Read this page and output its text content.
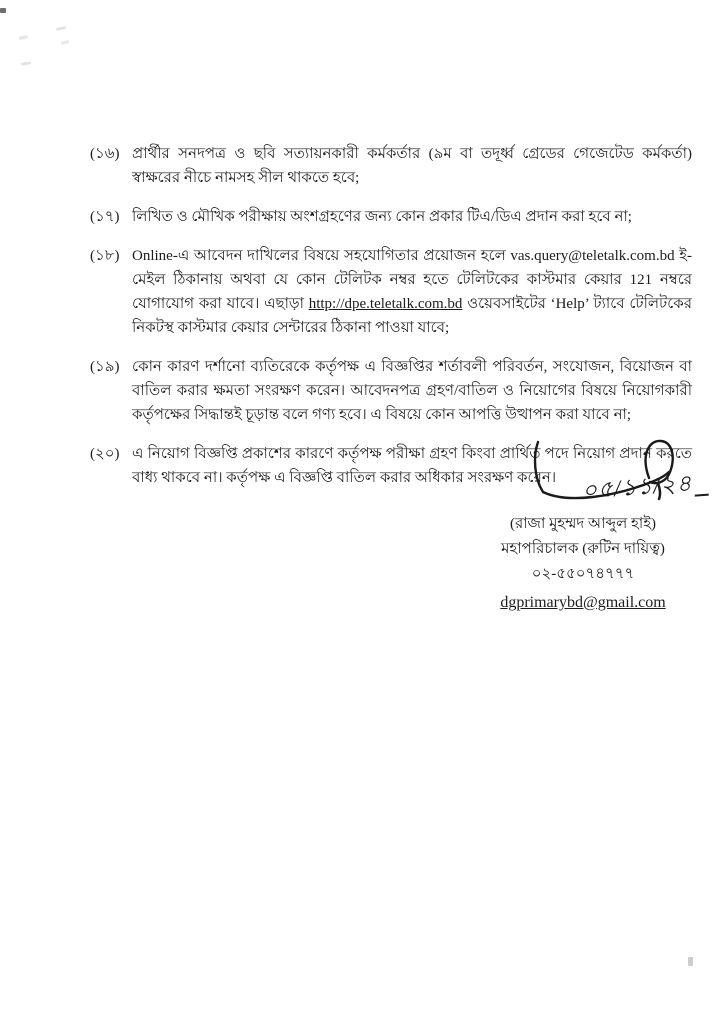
(১৬) প্রার্থীর সনদপত্র ও ছবি সত্যায়নকারী কর্মকর্তার (৯ম বা তদূর্ধ্ব গ্রেডের গেজেটেড কর্মকর্তা) স্বাক্ষরের নীচে নামসহ সীল থাকতে হবে;

(১৭) লিখিত ও মৌখিক পরীক্ষায় অংশগ্রহণের জন্য কোন প্রকার টিএ/ডিএ প্রদান করা হবে না;

(১৮) Online-এ আবেদন দাখিলের বিষয়ে সহযোগিতার প্রয়োজন হলে vas.query@teletalk.com.bd ই-মেইল ঠিকানায় অথবা যে কোন টেলিটক নম্বর হতে টেলিটকের কাস্টমার কেয়ার 121 নম্বরে যোগাযোগ করা যাবে। এছাড়া http://dpe.teletalk.com.bd ওয়েবসাইটের ‘Help’ ট্যাবে টেলিটকের নিকটস্থ কাস্টমার কেয়ার সেন্টারের ঠিকানা পাওয়া যাবে;

(১৯) কোন কারণ দর্শানো ব্যতিরেকে কর্তৃপক্ষ এ বিজ্ঞপ্তির শর্তাবলী পরিবর্তন, সংযোজন, বিয়োজন বা বাতিল করার ক্ষমতা সংরক্ষণ করেন। আবেদনপত্র গ্রহণ/বাতিল ও নিয়োগের বিষয়ে নিয়োগকারী কর্তৃপক্ষের সিদ্ধান্তই চূড়ান্ত বলে গণ্য হবে। এ বিষয়ে কোন আপত্তি উত্থাপন করা যাবে না;

(২০) এ নিয়োগ বিজ্ঞপ্তি প্রকাশের কারণে কর্তৃপক্ষ পরীক্ষা গ্রহণ কিংবা প্রার্থিত পদে নিয়োগ প্রদান করতে বাধ্য থাকবে না। কর্তৃপক্ষ এ বিজ্ঞপ্তি বাতিল করার অধিকার সংরক্ষণ করেন।	০৫/১১/২৪
(রাজা মুহম্মদ আব্দুল হাই)
মহাপরিচালক (রুটিন দায়িত্ব)
০২-৫৫০৭৪৭৭৭
dgprimarybd@gmail.com
